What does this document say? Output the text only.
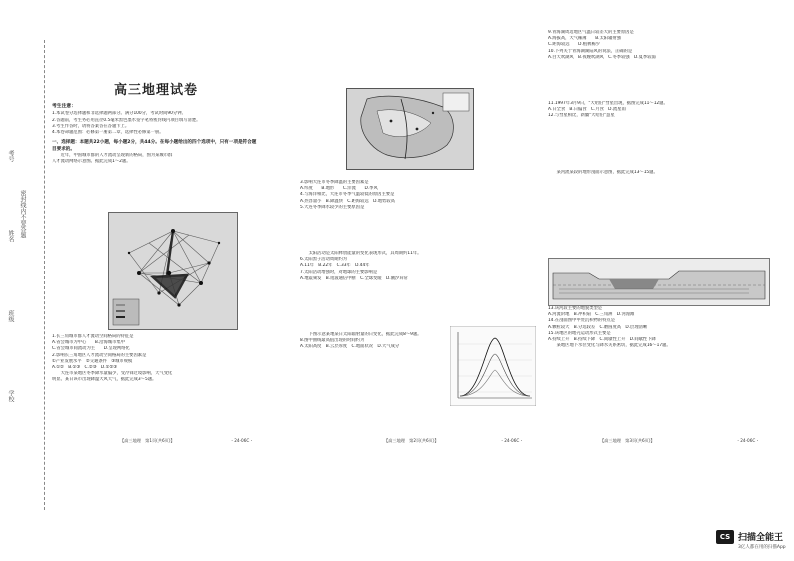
考号
姓名 密封线内不要答题
班级
学校
高三地理试卷
考生注意：
1.本试卷分选择题和非选择题两部分。满分100分，考试时间90分钟。
2.答题前，考生务必用直径0.5毫米黑色墨水签字笔将密封线内项目填写清楚。
3.考生作答时，请将答案答在答题卡上。
4.本卷命题范围：必修第一册第二章，选择性必修第一册。
一、选择题：本题共22小题，每小题2分，共44分。在每小题给出的四个选项中，只有一项是符合题目要求的。
　　近年，中国城市群的人才流动呈现新的格局，图为某城市群
人才流动网络示意图。据此完成1～2题。
1.长三角城市群人才流动空间格局的特征是
A.省会城市为中心　　B.沿海城市集中
C.省会城市间流动为主　　D.呈现网络化
2.影响长三角地区人才流动空间格局的主要因素是
①产业发展水平　②交通条件　③城市规模
A.①②　B.①③　C.②③　D.①②③
　　大连市某地区冬季降水量偏少，受冷锋过境影响，天气变化
明显。某日该市出现降温大风天气，据此完成3～5题。
3.影响大连市冬季降温的主要因素是
A.纬度　　B.地形　　C.洋流　　D.季风
4.与海洋相比，大连市冬季气温较低的原因主要是
A.热容量小　B.降温快　C.距海较远　D.地势较高
5.大连冬季降水较少的主要原因是
　　太阳活动是太阳释放能量的变化表现形式，其周期约11年。
6.太阳黑子活动周期约为
A.11年　B.22年　C.33年　D.44年
7.太阳活动增强时，对地球的主要影响是
A.地震频发　B.短波通信中断　C.全球变暖　D.潮汐异常
　　下图示意某地某日太阳辐射量的日变化，据此完成8～9题。
8.图中曲线最高值出现的时间约为
A.太阳高度　B.云层厚度　C.地面状况　D.大气成分
9.青海湖周边地区气温日较差大的主要原因是
A.海拔高，大气稀薄　　B.太阳辐射强
C.距海较远　　D.植被稀少
10.下列关于青海湖湖陆风的说法，正确的是
A.白天吹湖风　B.夜晚吹湖风　C.冬季较强　D.夏季较弱
11.1997年3月9日，"大哈伯"彗星出现，据图完成11～12题。
A.日全食　B.日偏食　C.月食　D.流星雨
12.与彗星相比，新疆"大哈伯"慧星
　　某河流某段的地形剖面示意图，据此完成13～15题。
13.该河段主要的地貌类型是
A.河流阶地　B.冲积扇　C.三角洲　D.河漫滩
14.在剖面图中甲处沉积物的特点是
A.颗粒较大　B.分选较差　C.磨圆度高　D.层理清晰
15.该地区的地壳运动形式主要是
A.持续上升　B.持续下降　C.间歇性上升　D.间歇性下降
　　某地区地下水位变化与降水关系密切，据此完成16～17题。
【高三地理　第1页(共6页)】	・24-06C・	【高三地理　第2页(共6页)】	・24-06C・	【高三地理　第3页(共6页)】	・24-06C・
CS 扫描全能王
3亿人都在用的扫描App
